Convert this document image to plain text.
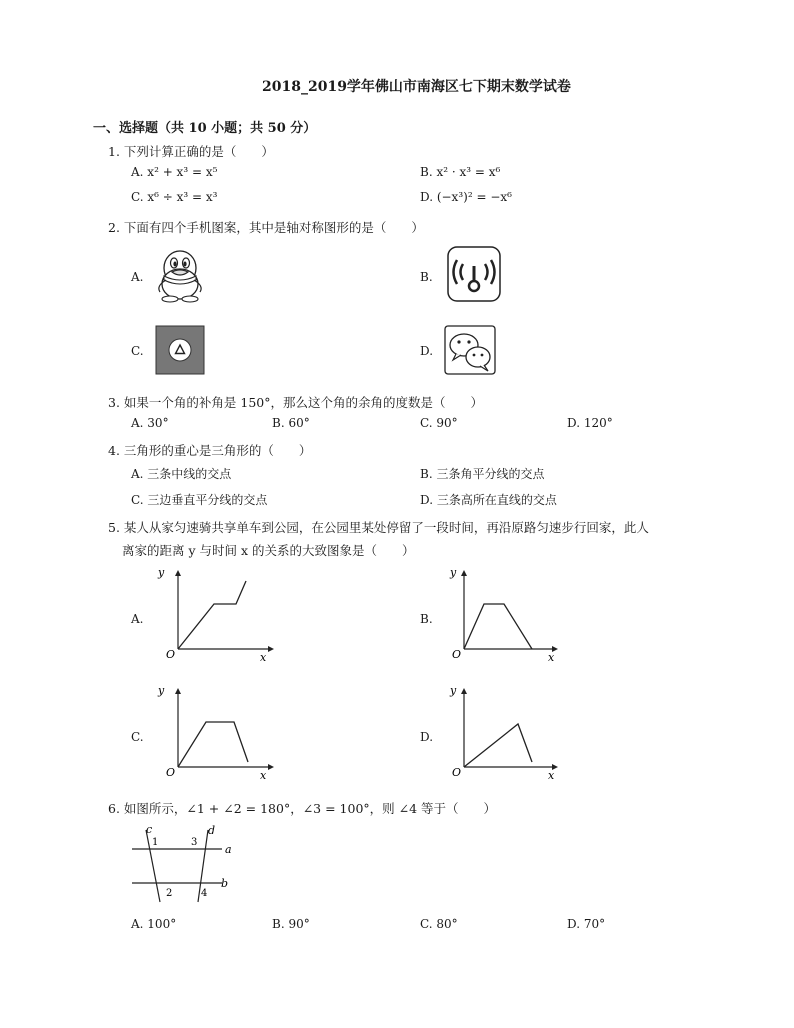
2018_2019学年佛山市南海区七下期末数学试卷
一、选择题（共 10 小题；共 50 分）
1. 下列计算正确的是（　　）
A. x² + x³ = x⁵	B. x² · x³ = x⁶
C. x⁶ ÷ x³ = x³	D. (−x³)² = −x⁶
2. 下面有四个手机图案，其中是轴对称图形的是（　　）
A.	B.
C.	D.
3. 如果一个角的补角是 150°，那么这个角的余角的度数是（　　）
A. 30°	B. 60°	C. 90°	D. 120°
4. 三角形的重心是三角形的（　　）
A. 三条中线的交点	B. 三条角平分线的交点
C. 三边垂直平分线的交点	D. 三条高所在直线的交点
5. 某人从家匀速骑共享单车到公园，在公园里某处停留了一段时间，再沿原路匀速步行回家，此人
离家的距离 y 与时间 x 的关系的大致图象是（　　）
A.	B.
C.	D.
y
x
O
y
x
O
y
x
O
y
x
O
6. 如图所示，∠1 + ∠2 = 180°，∠3 = 100°，则 ∠4 等于（　　）
c	d
a
b
1	3
2	4
A. 100°	B. 90°	C. 80°	D. 70°
